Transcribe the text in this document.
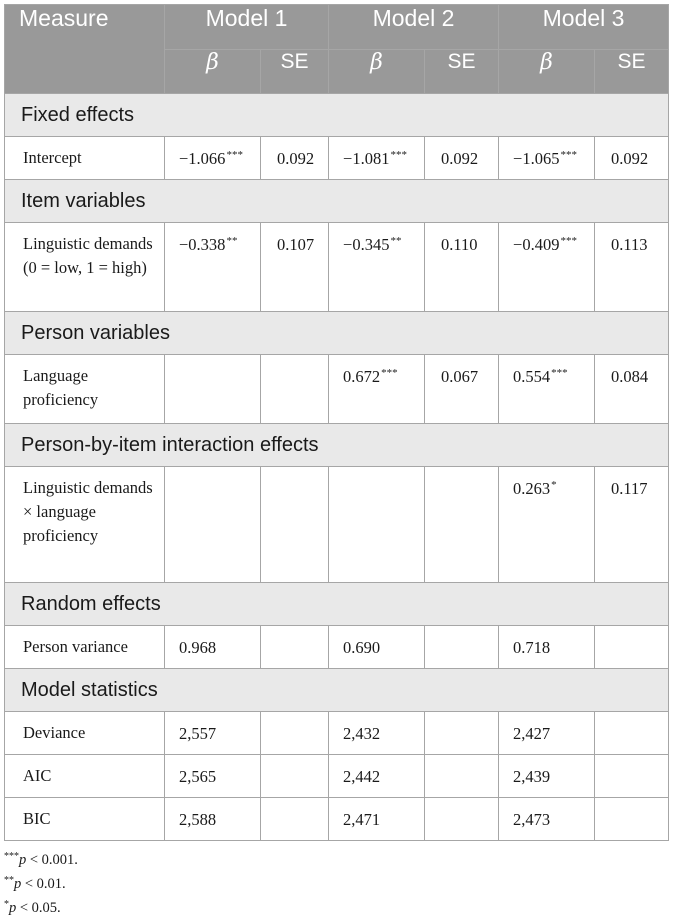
Measure	Model 1		Model 2		Model 3	
	β	SE	β	SE	β	SE
Fixed effects						
Intercept	−1.066***	0.092	−1.081***	0.092	−1.065***	0.092
Item variables						
Linguistic demands (0 = low, 1 = high)	−0.338**	0.107	−0.345**	0.110	−0.409***	0.113
Person variables						
Language proficiency			0.672***	0.067	0.554***	0.084
Person-by-item interaction effects						
Linguistic demands × language proficiency					0.263*	0.117
Random effects						
Person variance	0.968		0.690		0.718	
Model statistics						
Deviance	2,557		2,432		2,427	
AIC	2,565		2,442		2,439	
BIC	2,588		2,471		2,473	
***p < 0.001.
**p < 0.01.
*p < 0.05.
